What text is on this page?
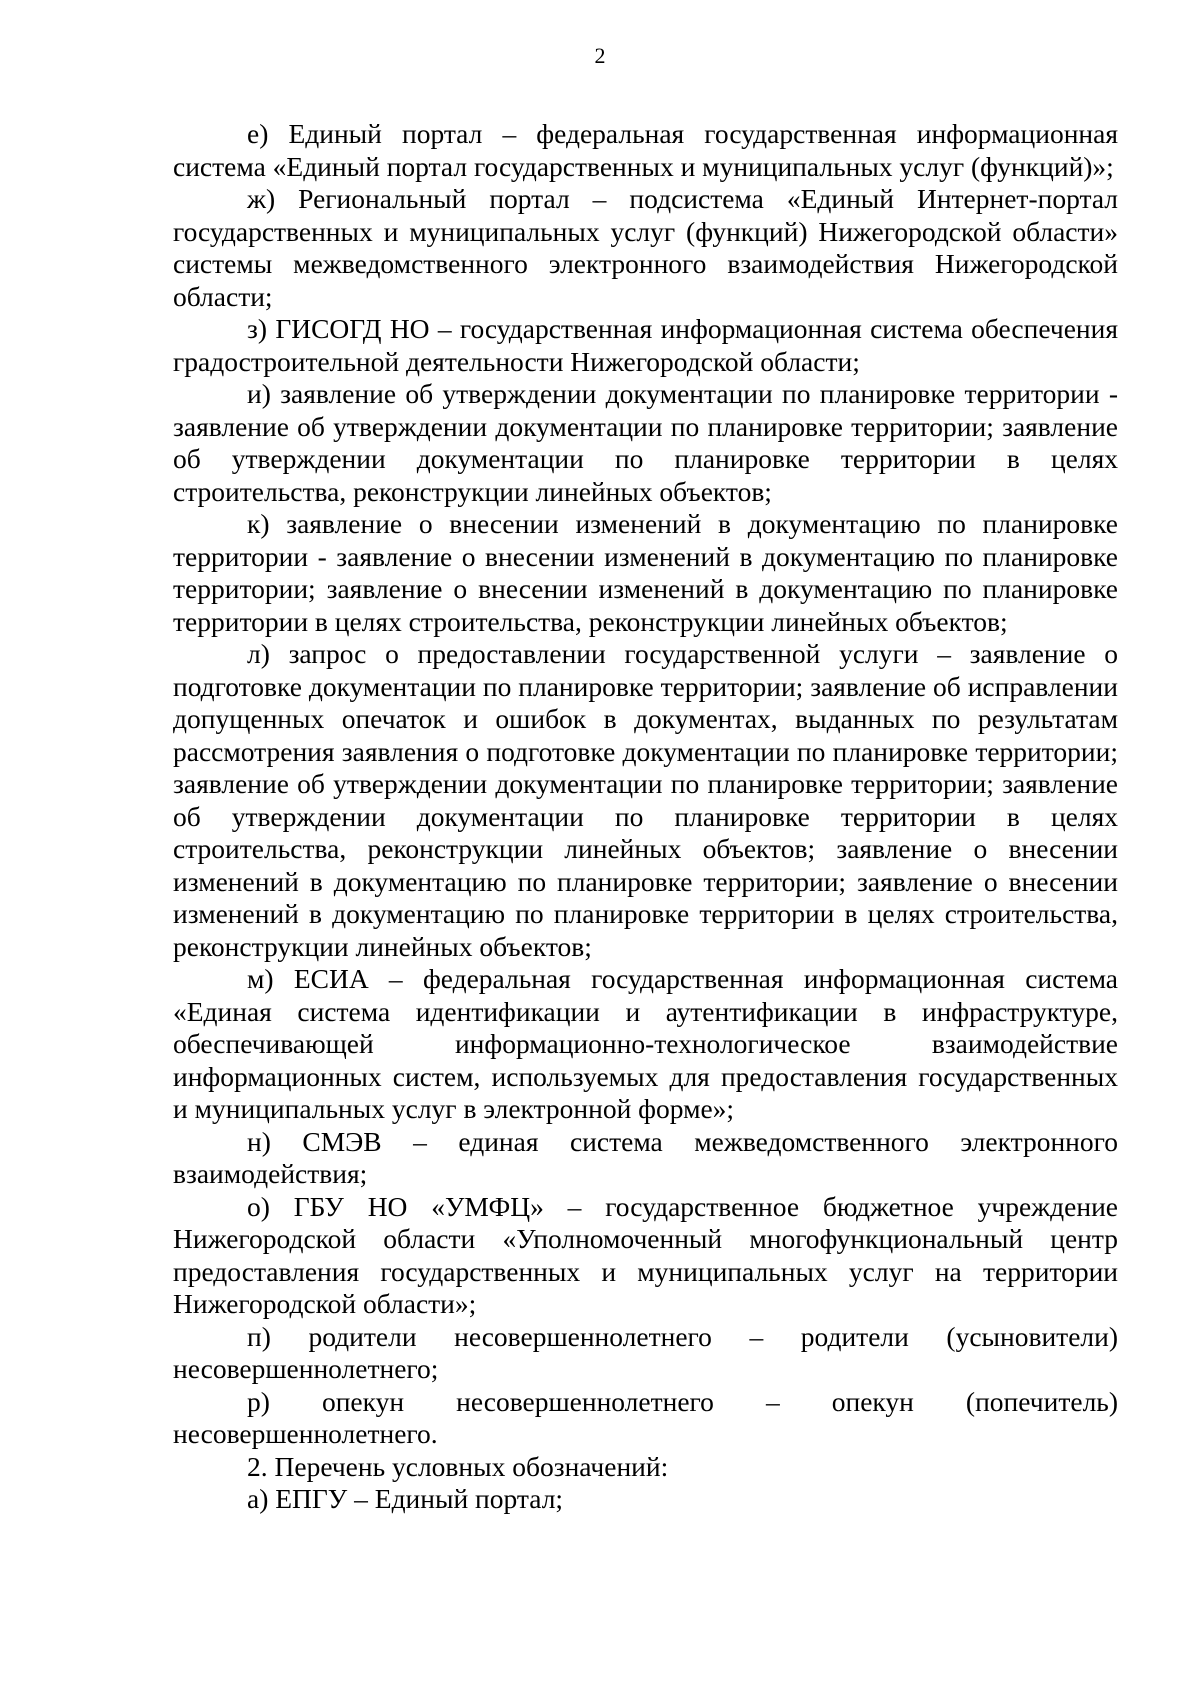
2

е) Единый портал – федеральная государственная информационная система «Единый портал государственных и муниципальных услуг (функций)»;

ж) Региональный портал – подсистема «Единый Интернет-портал государственных и муниципальных услуг (функций) Нижегородской области» системы межведомственного электронного взаимодействия Нижегородской области;

з) ГИСОГД НО – государственная информационная система обеспечения градостроительной деятельности Нижегородской области;

и) заявление об утверждении документации по планировке территории - заявление об утверждении документации по планировке территории; заявление об утверждении документации по планировке территории в целях строительства, реконструкции линейных объектов;

к) заявление о внесении изменений в документацию по планировке территории - заявление о внесении изменений в документацию по планировке территории; заявление о внесении изменений в документацию по планировке территории в целях строительства, реконструкции линейных объектов;

л) запрос о предоставлении государственной услуги – заявление о подготовке документации по планировке территории; заявление об исправлении допущенных опечаток и ошибок в документах, выданных по результатам рассмотрения заявления о подготовке документации по планировке территории; заявление об утверждении документации по планировке территории; заявление об утверждении документации по планировке территории в целях строительства, реконструкции линейных объектов; заявление о внесении изменений в документацию по планировке территории; заявление о внесении изменений в документацию по планировке территории в целях строительства, реконструкции линейных объектов;

м) ЕСИА – федеральная государственная информационная система «Единая система идентификации и аутентификации в инфраструктуре, обеспечивающей информационно-технологическое взаимодействие информационных систем, используемых для предоставления государственных и муниципальных услуг в электронной форме»;

н) СМЭВ – единая система межведомственного электронного взаимодействия;

о) ГБУ НО «УМФЦ» – государственное бюджетное учреждение Нижегородской области «Уполномоченный многофункциональный центр предоставления государственных и муниципальных услуг на территории Нижегородской области»;

п) родители несовершеннолетнего – родители (усыновители) несовершеннолетнего;

р) опекун несовершеннолетнего – опекун (попечитель) несовершеннолетнего.

2. Перечень условных обозначений:

а) ЕПГУ – Единый портал;
